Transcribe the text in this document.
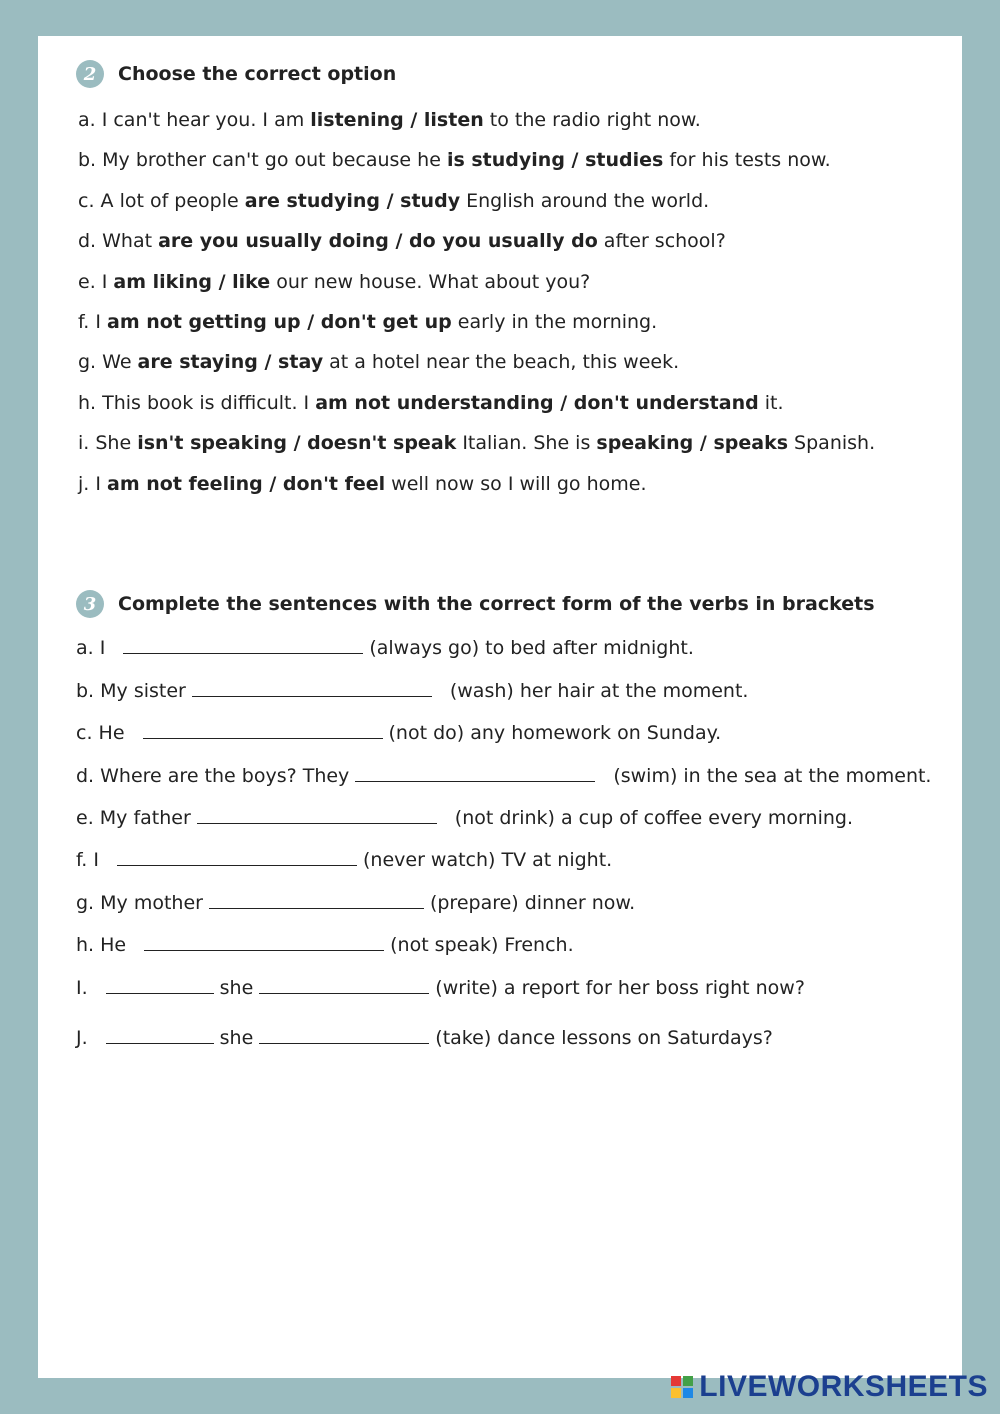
2	Choose the correct option
a. I can't hear you. I am listening / listen to the radio right now.
b. My brother can't go out because he is studying / studies for his tests now.
c. A lot of people are studying / study English around the world.
d. What are you usually doing / do you usually do after school?
e. I am liking / like our new house. What about you?
f. I am not getting up / don't get up early in the morning.
g. We are staying / stay at a hotel near the beach, this week.
h. This book is difficult. I am not understanding / don't understand it.
i. She isn't speaking / doesn't speak Italian. She is speaking / speaks Spanish.
j. I am not feeling / don't feel well now so I will go home.
3	Complete the sentences with the correct form of the verbs in brackets
a. I	(always go) to bed after midnight.
b. My sister	(wash) her hair at the moment.
c. He	(not do) any homework on Sunday.
d. Where are the boys? They	(swim) in the sea at the moment.
e. My father	(not drink) a cup of coffee every morning.
f. I	(never watch) TV at night.
g. My mother	(prepare) dinner now.
h. He	(not speak) French.
I.	she	(write) a report for her boss right now?
J.	she	(take) dance lessons on Saturdays?
LIVEWORKSHEETS
